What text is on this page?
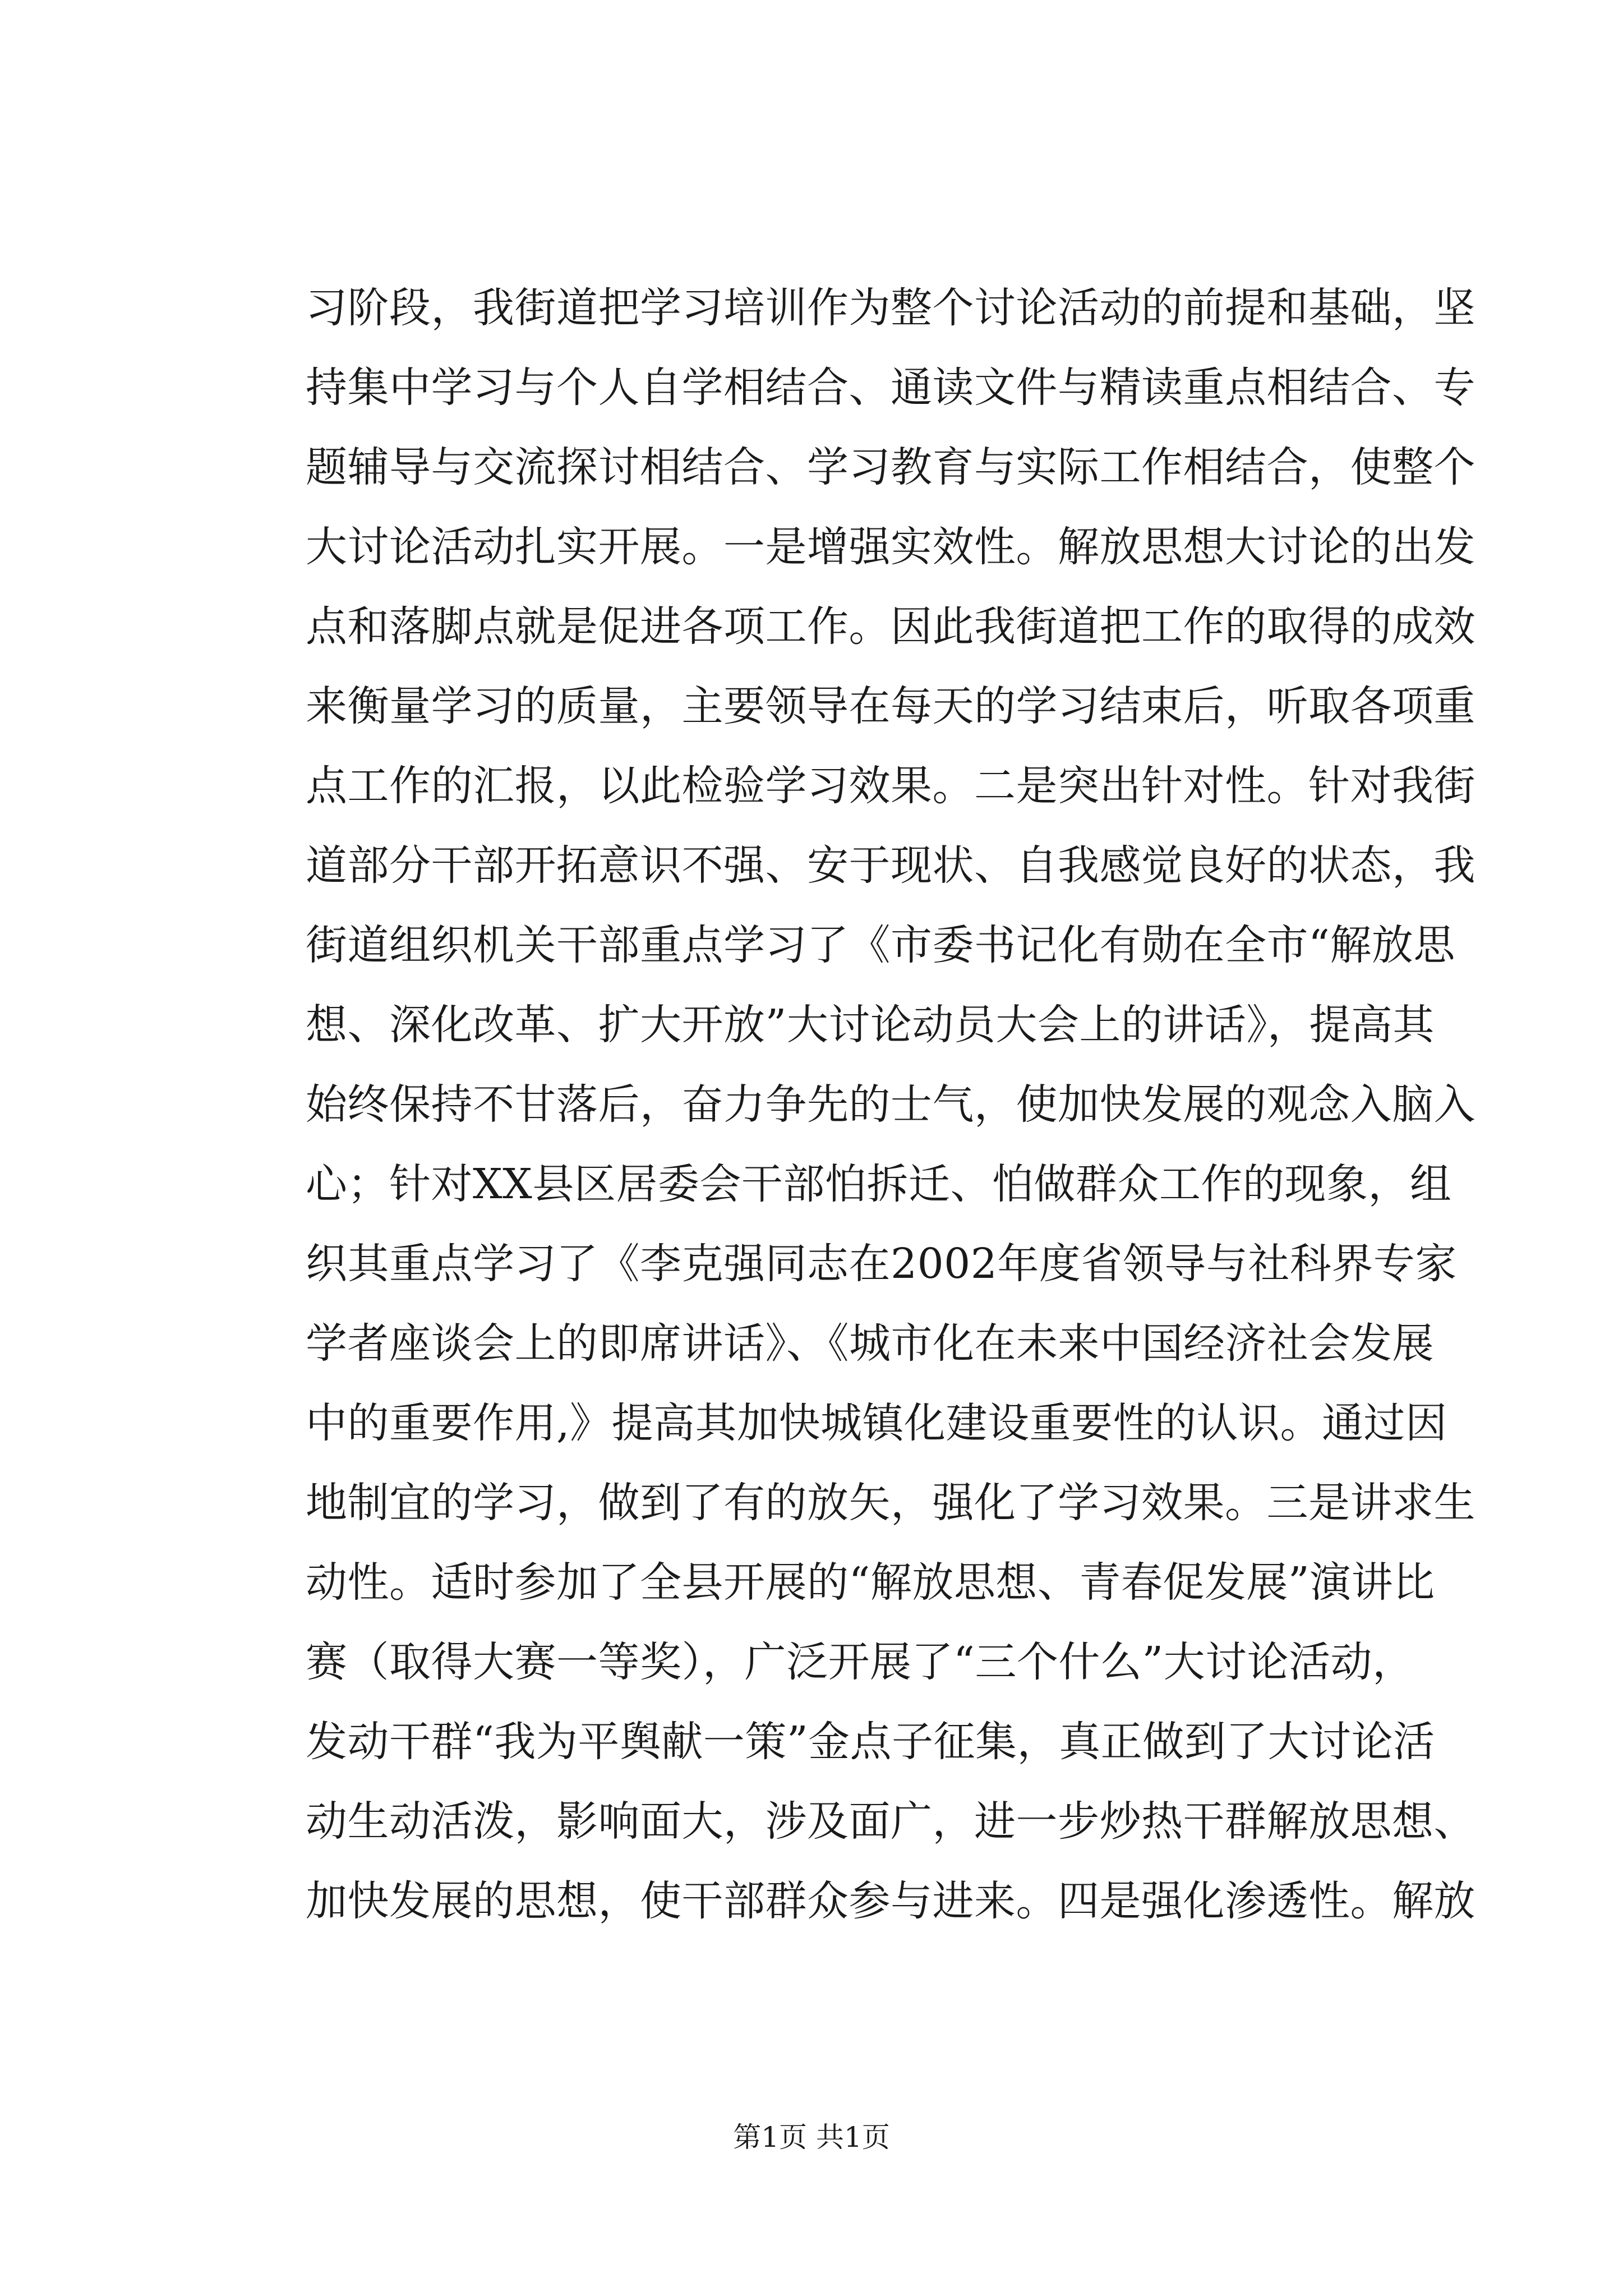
习阶段，我街道把学习培训作为整个讨论活动的前提和基础，坚
持集中学习与个人自学相结合、通读文件与精读重点相结合、专
题辅导与交流探讨相结合、学习教育与实际工作相结合，使整个
大讨论活动扎实开展。一是增强实效性。解放思想大讨论的出发
点和落脚点就是促进各项工作。因此我街道把工作的取得的成效
来衡量学习的质量，主要领导在每天的学习结束后，听取各项重
点工作的汇报，以此检验学习效果。二是突出针对性。针对我街
道部分干部开拓意识不强、安于现状、自我感觉良好的状态，我
街道组织机关干部重点学习了《市委书记化有勋在全市“解放思
想、深化改革、扩大开放”大讨论动员大会上的讲话》，提高其
始终保持不甘落后，奋力争先的士气，使加快发展的观念入脑入
心；针对XX县区居委会干部怕拆迁、怕做群众工作的现象，组
织其重点学习了《李克强同志在2002年度省领导与社科界专家
学者座谈会上的即席讲话》、《城市化在未来中国经济社会发展
中的重要作用,》提高其加快城镇化建设重要性的认识。通过因
地制宜的学习，做到了有的放矢，强化了学习效果。三是讲求生
动性。适时参加了全县开展的“解放思想、青春促发展”演讲比
赛（取得大赛一等奖），广泛开展了“三个什么”大讨论活动，
发动干群“我为平舆献一策”金点子征集，真正做到了大讨论活
动生动活泼，影响面大，涉及面广，进一步炒热干群解放思想、
加快发展的思想，使干部群众参与进来。四是强化渗透性。解放
第1页 共1页
